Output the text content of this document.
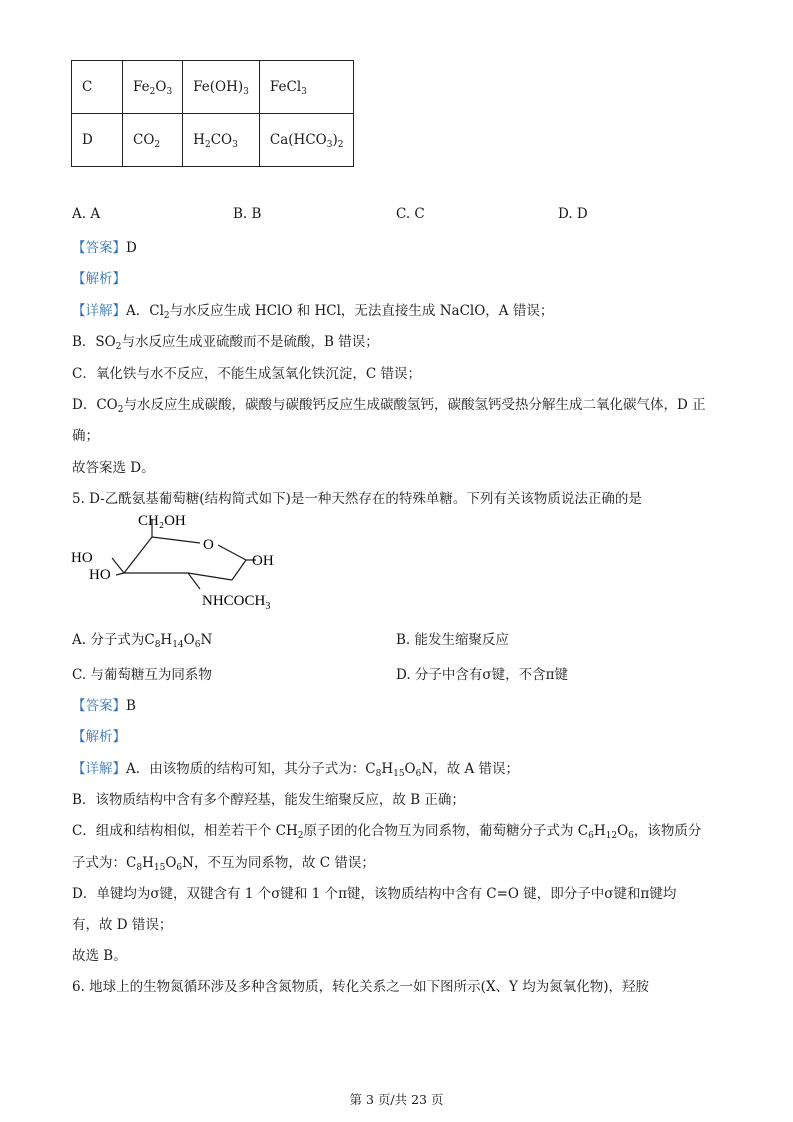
C	$Fe_2O_3$	$Fe(OH)_3$	FeCl$_3$
D	$CO_2$	$H_2CO_3$	$Ca(HCO_3)_2$
A. A	B. B	C. C	D. D
【答案】D
【解析】
【详解】A．$Cl_2$与水反应生成 HClO 和 HCl，无法直接生成 NaClO，A 错误；
B．$SO_2$与水反应生成亚硫酸而不是硫酸，B 错误；
C．氧化铁与水不反应，不能生成氢氧化铁沉淀，C 错误；
D．$CO_2$与水反应生成碳酸，碳酸与碳酸钙反应生成碳酸氢钙，碳酸氢钙受热分解生成二氧化碳气体，D 正
确；
故答案选 D。
5. D-乙酰氨基葡萄糖(结构简式如下)是一种天然存在的特殊单糖。下列有关该物质说法正确的是
CH₂OH
O
HO
HO
OH
$NHCOCH_3$
A. 分子式为$C_8H_{14}O_6N$	B. 能发生缩聚反应
C. 与葡萄糖互为同系物	D. 分子中含有σ键，不含π键
【答案】B
【解析】
【详解】A．由该物质的结构可知，其分子式为：$C_8H_{15}O_6N$，故 A 错误；
B．该物质结构中含有多个醇羟基，能发生缩聚反应，故 B 正确；
C．组成和结构相似，相差若干个 $CH_2$原子团的化合物互为同系物，葡萄糖分子式为 $C_6H_{12}O_6$，该物质分
子式为：$C_8H_{15}O_6N$，不互为同系物，故 C 错误；
D．单键均为σ键，双键含有 1 个σ键和 1 个π键，该物质结构中含有 C=O 键，即分子中σ键和π键均
有，故 D 错误；
故选 B。
6. 地球上的生物氮循环涉及多种含氮物质，转化关系之一如下图所示(X、Y 均为氮氧化物)，羟胺
第 3 页/共 23 页
